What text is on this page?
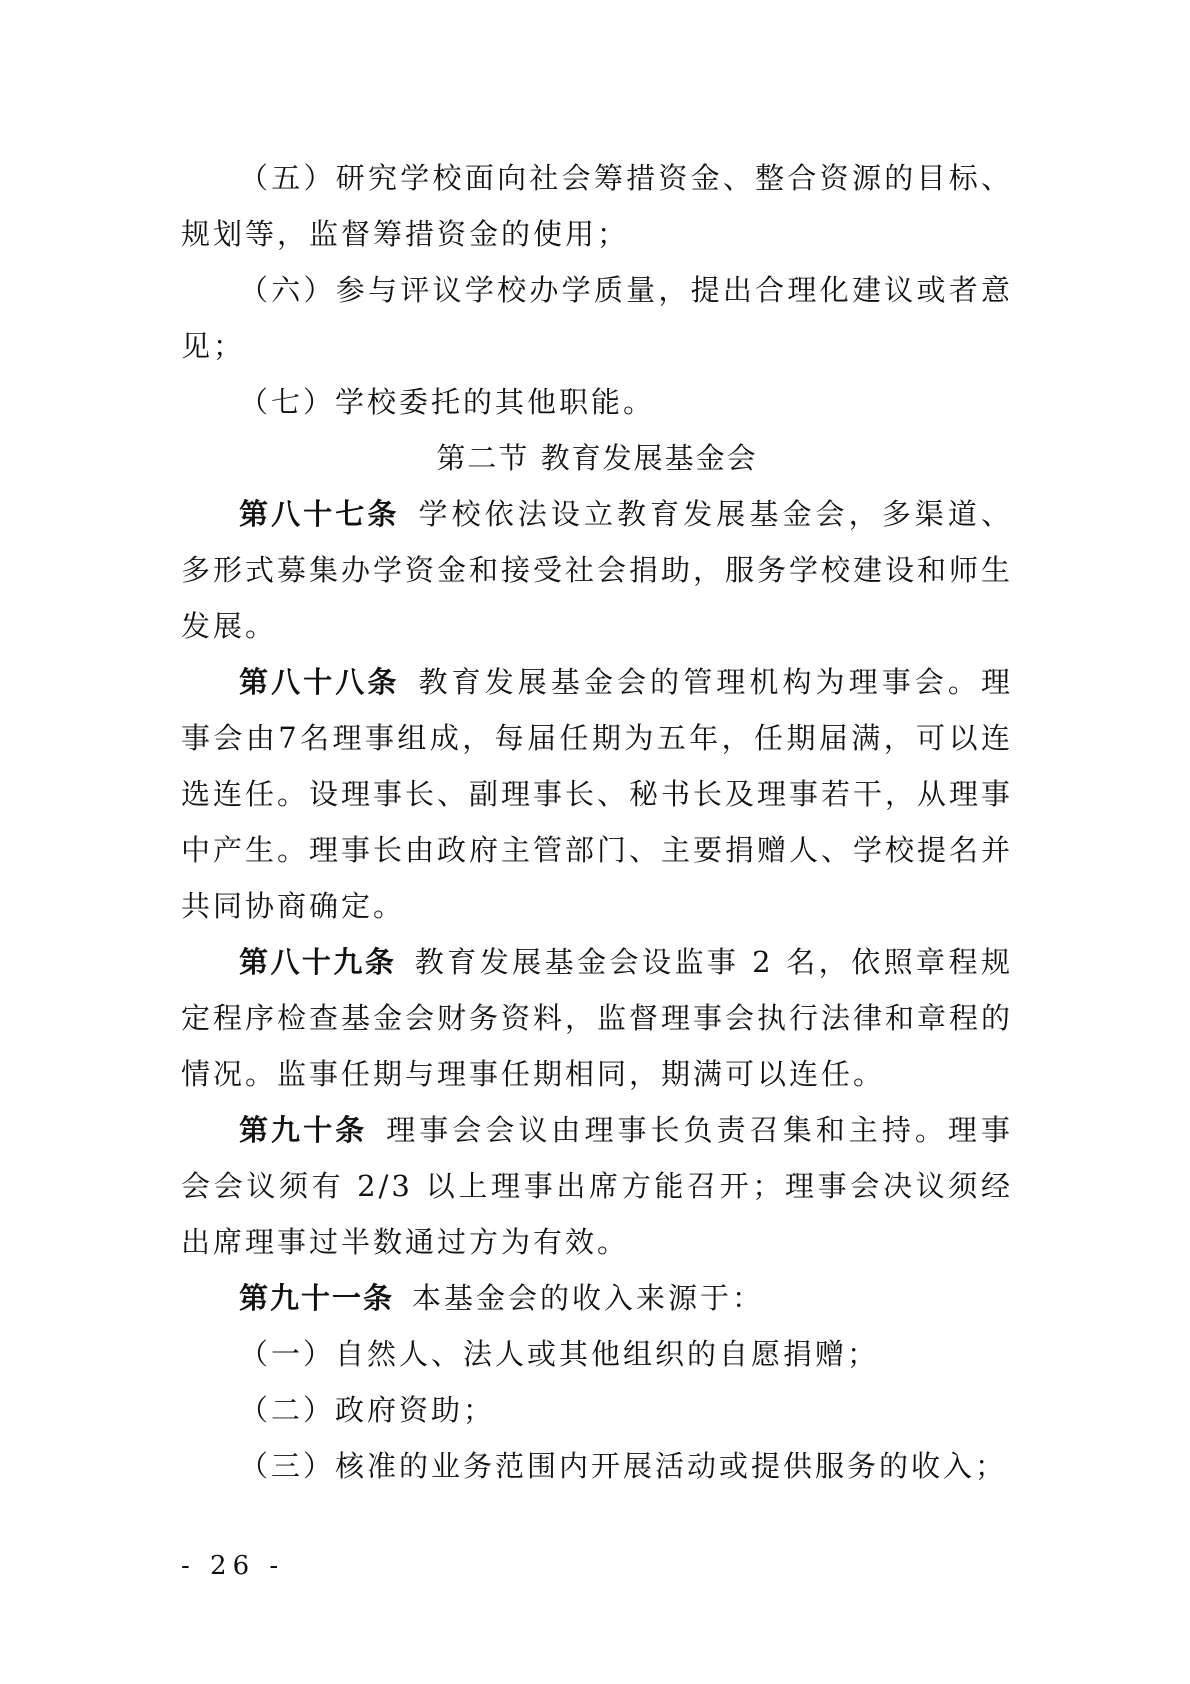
（五）研究学校面向社会筹措资金、整合资源的目标、规划等，监督筹措资金的使用；

（六）参与评议学校办学质量，提出合理化建议或者意见；

（七）学校委托的其他职能。

第二节 教育发展基金会

第八十七条 学校依法设立教育发展基金会，多渠道、多形式募集办学资金和接受社会捐助，服务学校建设和师生发展。

第八十八条 教育发展基金会的管理机构为理事会。理事会由7名理事组成，每届任期为五年，任期届满，可以连选连任。设理事长、副理事长、秘书长及理事若干，从理事中产生。理事长由政府主管部门、主要捐赠人、学校提名并共同协商确定。

第八十九条 教育发展基金会设监事 2 名，依照章程规定程序检查基金会财务资料，监督理事会执行法律和章程的情况。监事任期与理事任期相同，期满可以连任。

第九十条 理事会会议由理事长负责召集和主持。理事会会议须有 2/3 以上理事出席方能召开；理事会决议须经出席理事过半数通过方为有效。

第九十一条 本基金会的收入来源于：

（一）自然人、法人或其他组织的自愿捐赠；

（二）政府资助；

（三）核准的业务范围内开展活动或提供服务的收入；

- 26 -
